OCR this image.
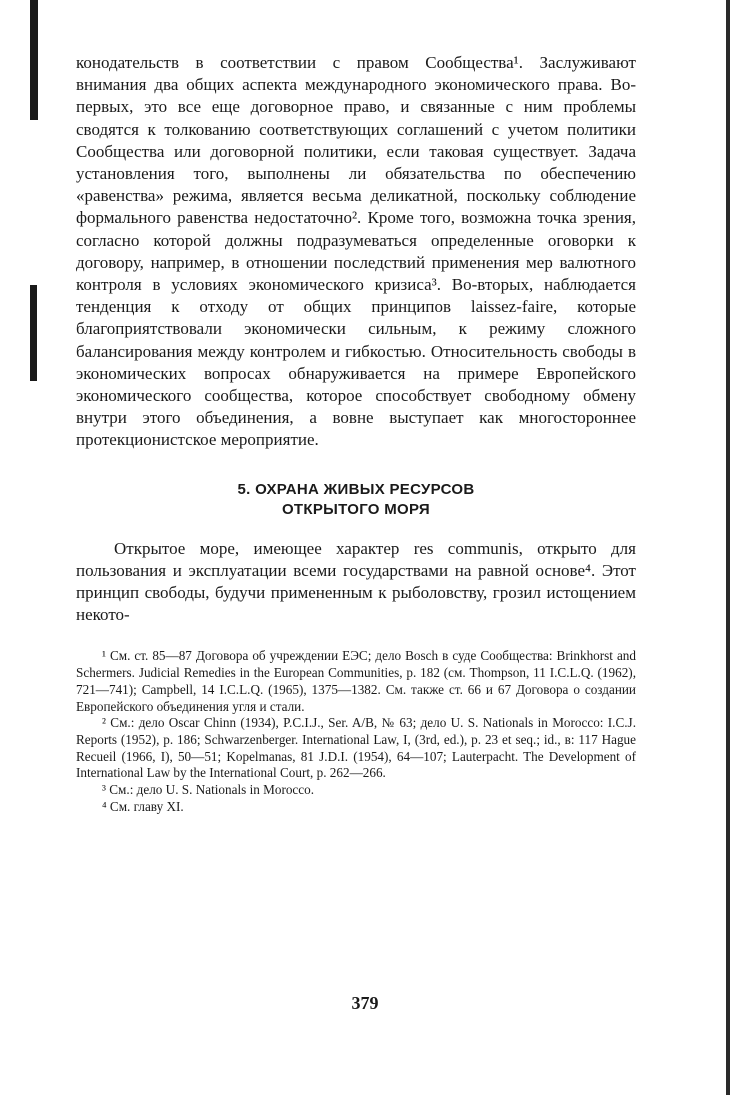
конодательств в соответствии с правом Сообщества¹. Заслуживают внимания два общих аспекта международного экономического права. Во-первых, это все еще договорное право, и связанные с ним проблемы сводятся к толкованию соответствующих соглашений с учетом политики Сообщества или договорной политики, если таковая существует. Задача установления того, выполнены ли обязательства по обеспечению «равенства» режима, является весьма деликатной, поскольку соблюдение формального равенства недостаточно². Кроме того, возможна точка зрения, согласно которой должны подразумеваться определенные оговорки к договору, например, в отношении последствий применения мер валютного контроля в условиях экономического кризиса³. Во-вторых, наблюдается тенденция к отходу от общих принципов laissez-faire, которые благоприятствовали экономически сильным, к режиму сложного балансирования между контролем и гибкостью. Относительность свободы в экономических вопросах обнаруживается на примере Европейского экономического сообщества, которое способствует свободному обмену внутри этого объединения, а вовне выступает как многостороннее протекционистское мероприятие.

5. ОХРАНА ЖИВЫХ РЕСУРСОВ
ОТКРЫТОГО МОРЯ

Открытое море, имеющее характер res communis, открыто для пользования и эксплуатации всеми государствами на равной основе⁴. Этот принцип свободы, будучи примененным к рыболовству, грозил истощением некото-

¹ См. ст. 85—87 Договора об учреждении ЕЭС; дело Bosch в суде Сообщества: Brinkhorst and Schermers. Judicial Remedies in the European Communities, p. 182 (см. Thompson, 11 I.C.L.Q. (1962), 721—741); Campbell, 14 I.C.L.Q. (1965), 1375—1382. См. также ст. 66 и 67 Договора о создании Европейского объединения угля и стали.

² См.: дело Oscar Chinn (1934), P.C.I.J., Ser. A/B, № 63; дело U. S. Nationals in Morocco: I.C.J. Reports (1952), p. 186; Schwarzenberger. International Law, I, (3rd, ed.), p. 23 et seq.; id., в: 117 Hague Recueil (1966, I), 50—51; Kopelmanas, 81 J.D.I. (1954), 64—107; Lauterpacht. The Development of International Law by the International Court, p. 262—266.

³ См.: дело U. S. Nationals in Morocco.

⁴ См. главу XI.

379
